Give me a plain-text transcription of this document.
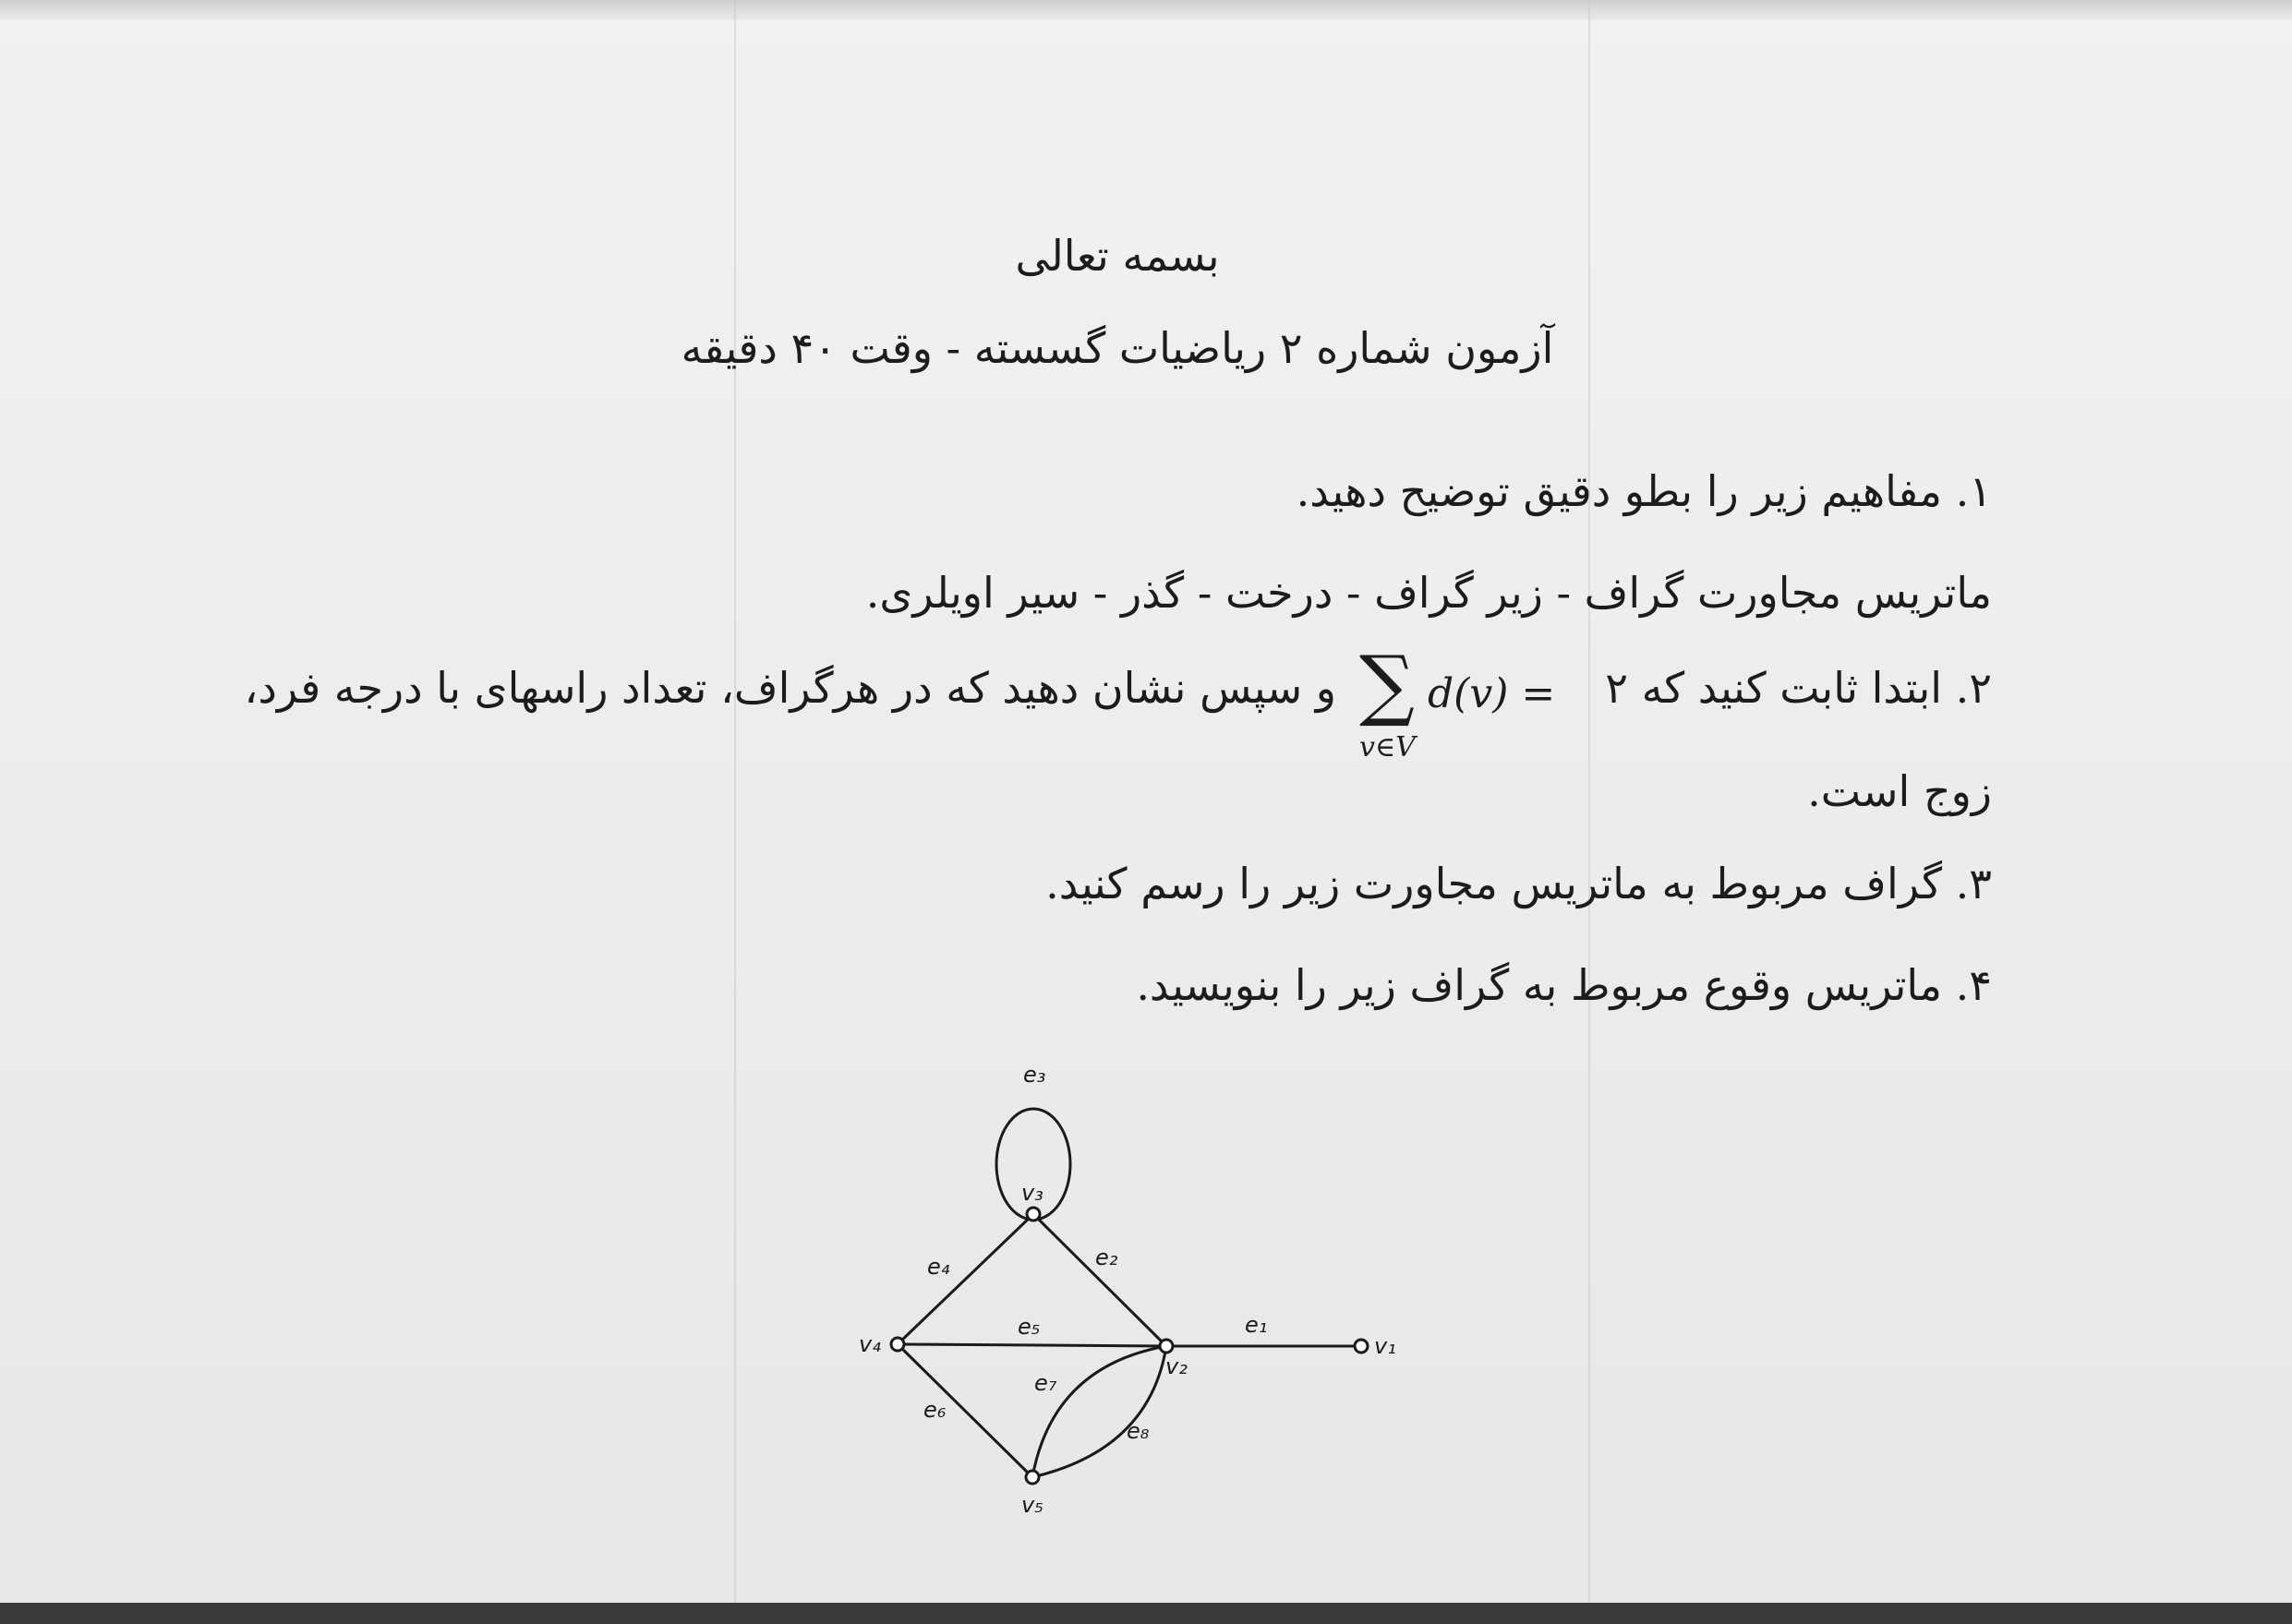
بسمه تعالی
آزمون شماره ۲ ریاضیات گسسته - وقت ۴۰ دقیقه
۱. مفاهیم زیر را بطو دقیق توضیح دهید.
ماتریس مجاورت گراف - زیر گراف - درخت - گذر - سیر اویلری.
۲. ابتدا ثابت کنید که ۲
∑
v∈V
d(v) =
و سپس نشان دهید که در هرگراف، تعداد راسهای با درجه فرد،
زوج است.
۳. گراف مربوط به ماتریس مجاورت زیر را رسم کنید.
۴. ماتریس وقوع مربوط به گراف زیر را بنویسید.
e₃
v₃
e₂
e₄
e₅	e₁
v₁
v₄
v₂
e₇
e₆
e₈
v₅
